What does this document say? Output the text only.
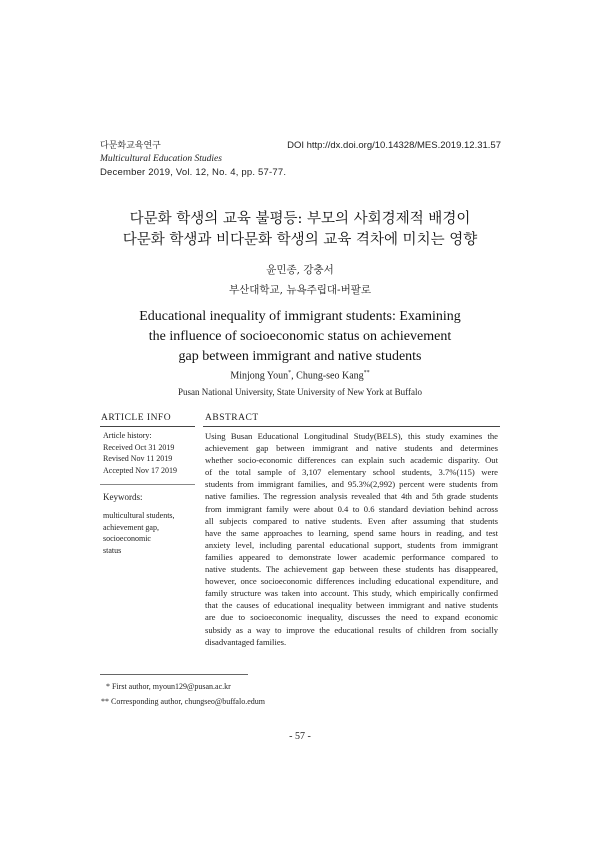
다문화교육연구
Multicultural Education Studies
December 2019, Vol. 12, No. 4, pp. 57-77.
DOI http://dx.doi.org/10.14328/MES.2019.12.31.57
다문화 학생의 교육 불평등: 부모의 사회경제적 배경이
다문화 학생과 비다문화 학생의 교육 격차에 미치는 영향
윤민종, 강충서
부산대학교, 뉴욕주립대-버팔로
Educational inequality of immigrant students: Examining
the influence of socioeconomic status on achievement
gap between immigrant and native students
Minjong Youn*, Chung-seo Kang**
Pusan National University, State University of New York at Buffalo
ARTICLE INFO	ABSTRACT
Article history:
Received Oct 31 2019
Revised Nov 11 2019
Accepted Nov 17 2019
Keywords:
multicultural students,
achievement gap,
socioeconomic
status
Using Busan Educational Longitudinal Study(BELS), this study examines the
achievement gap between immigrant and native students and determines
whether socio-economic differences can explain such academic disparity. Out
of the total sample of 3,107 elementary school students, 3.7%(115) were
students from immigrant families, and 95.3%(2,992) percent were students from
native families. The regression analysis revealed that 4th and 5th grade students
from immigrant family were about 0.4 to 0.6 standard deviation behind across
all subjects compared to native students. Even after assuming that students
have the same approaches to learning, spend same hours in reading, and test
anxiety level, including parental educational support, students from immigrant
families appeared to demonstrate lower academic performance compared to
native students. The achievement gap between these students has disappeared,
however, once socioeconomic differences including educational expenditure, and
family structure was taken into account. This study, which empirically confirmed
that the causes of educational inequality between immigrant and native students
are due to socioeconomic inequality, discusses the need to expand economic
subsidy as a way to improve the educational results of children from socially
disadvantaged families.
* First author, myoun129@pusan.ac.kr
** Corresponding author, chungseo@buffalo.edum
- 57 -
